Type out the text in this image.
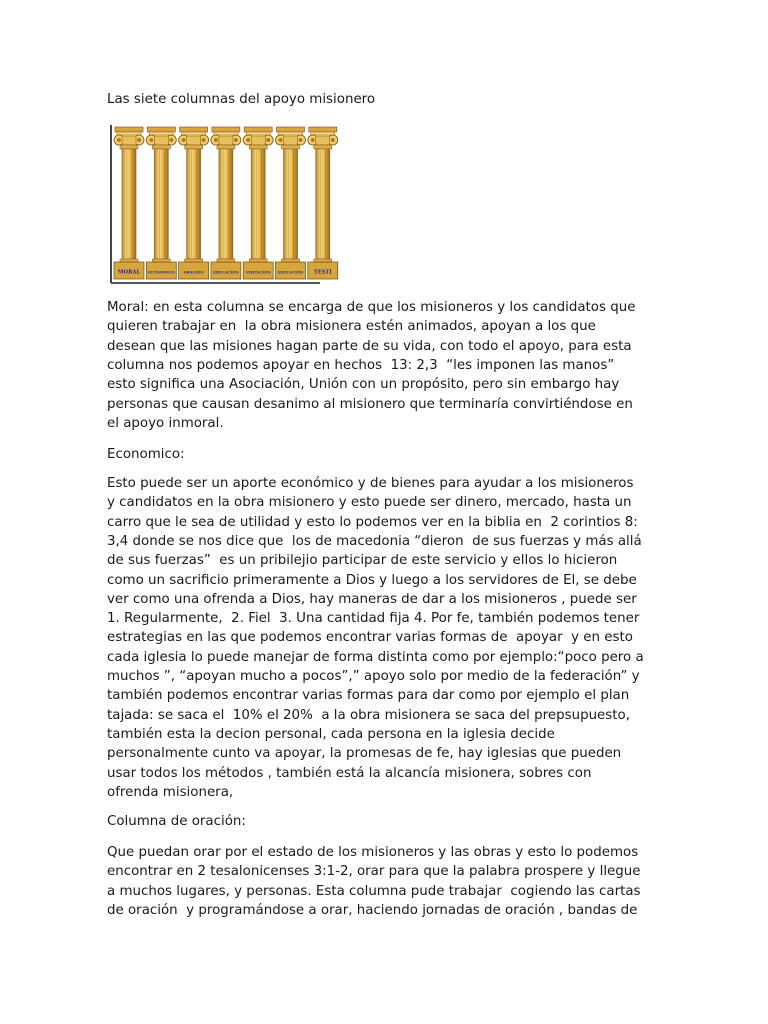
Las siete columnas del apoyo misionero
MORAL ECONOMICO ORACION	EDUCACION VISITACION EDUCACION TESTI
Moral: en esta columna se encarga de que los misioneros y los candidatos que
quieren trabajar en  la obra misionera estén animados, apoyan a los que
desean que las misiones hagan parte de su vida, con todo el apoyo, para esta
columna nos podemos apoyar en hechos  13: 2,3  “les imponen las manos”
esto significa una Asociación, Unión con un propósito, pero sin embargo hay
personas que causan desanimo al misionero que terminaría convirtiéndose en
el apoyo inmoral.
Economico:
Esto puede ser un aporte económico y de bienes para ayudar a los misioneros
y candidatos en la obra misionero y esto puede ser dinero, mercado, hasta un
carro que le sea de utilidad y esto lo podemos ver en la biblia en  2 corintios 8:
3,4 donde se nos dice que  los de macedonia “dieron  de sus fuerzas y más allá
de sus fuerzas”  es un pribilejio participar de este servicio y ellos lo hicieron
como un sacrificio primeramente a Dios y luego a los servidores de El, se debe
ver como una ofrenda a Dios, hay maneras de dar a los misioneros , puede ser
1. Regularmente,  2. Fiel  3. Una cantidad fija 4. Por fe, también podemos tener
estrategias en las que podemos encontrar varias formas de  apoyar  y en esto
cada iglesia lo puede manejar de forma distinta como por ejemplo:“poco pero a
muchos ”, “apoyan mucho a pocos”,” apoyo solo por medio de la federación” y
también podemos encontrar varias formas para dar como por ejemplo el plan
tajada: se saca el  10% el 20%  a la obra misionera se saca del prepsupuesto,
también esta la decion personal, cada persona en la iglesia decide
personalmente cunto va apoyar, la promesas de fe, hay iglesias que pueden
usar todos los métodos , también está la alcancía misionera, sobres con
ofrenda misionera,
Columna de oración:
Que puedan orar por el estado de los misioneros y las obras y esto lo podemos
encontrar en 2 tesalonicenses 3:1-2, orar para que la palabra prospere y llegue
a muchos lugares, y personas. Esta columna pude trabajar  cogiendo las cartas
de oración  y programándose a orar, haciendo jornadas de oración , bandas de
